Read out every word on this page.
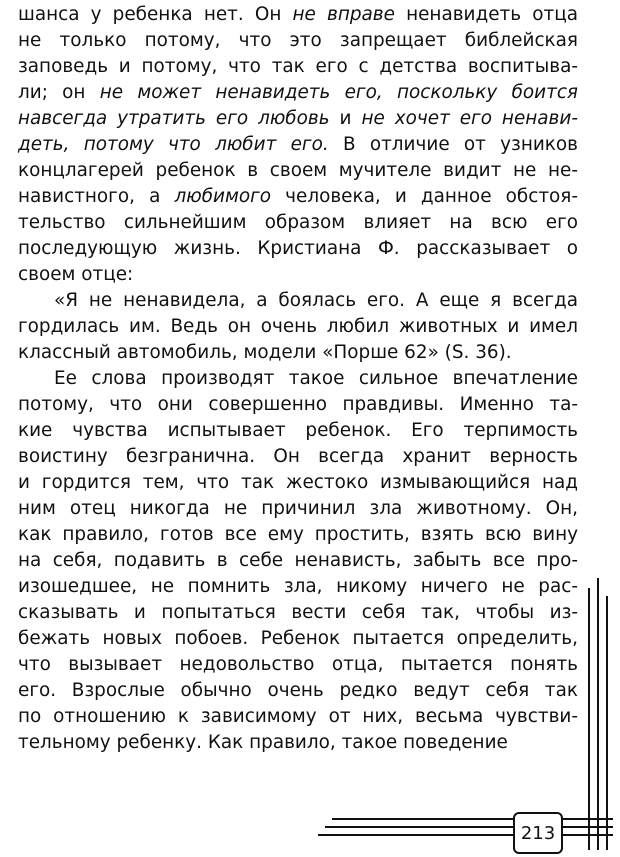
шанса у ребенка нет. Он не вправе ненавидеть отца
не только потому, что это запрещает библейская
заповедь и потому, что так его с детства воспитыва-
ли; он не может ненавидеть его, поскольку боится
навсегда утратить его любовь и не хочет его ненави-
деть, потому что любит его. В отличие от узников
концлагерей ребенок в своем мучителе видит не не-
навистного, а любимого человека, и данное обстоя-
тельство сильнейшим образом влияет на всю его
последующую жизнь. Кристиана Ф. рассказывает о
своем отце:
«Я не ненавидела, а боялась его. А еще я всегда
гордилась им. Ведь он очень любил животных и имел
классный автомобиль, модели «Порше 62» (S. 36).
Ее слова производят такое сильное впечатление
потому, что они совершенно правдивы. Именно та-
кие чувства испытывает ребенок. Его терпимость
воистину безгранична. Он всегда хранит верность
и гордится тем, что так жестоко измывающийся над
ним отец никогда не причинил зла животному. Он,
как правило, готов все ему простить, взять всю вину
на себя, подавить в себе ненависть, забыть все про-
изошедшее, не помнить зла, никому ничего не рас-
сказывать и попытаться вести себя так, чтобы из-
бежать новых побоев. Ребенок пытается определить,
что вызывает недовольство отца, пытается понять
его. Взрослые обычно очень редко ведут себя так
по отношению к зависимому от них, весьма чувстви-
тельному ребенку. Как правило, такое поведение
213
